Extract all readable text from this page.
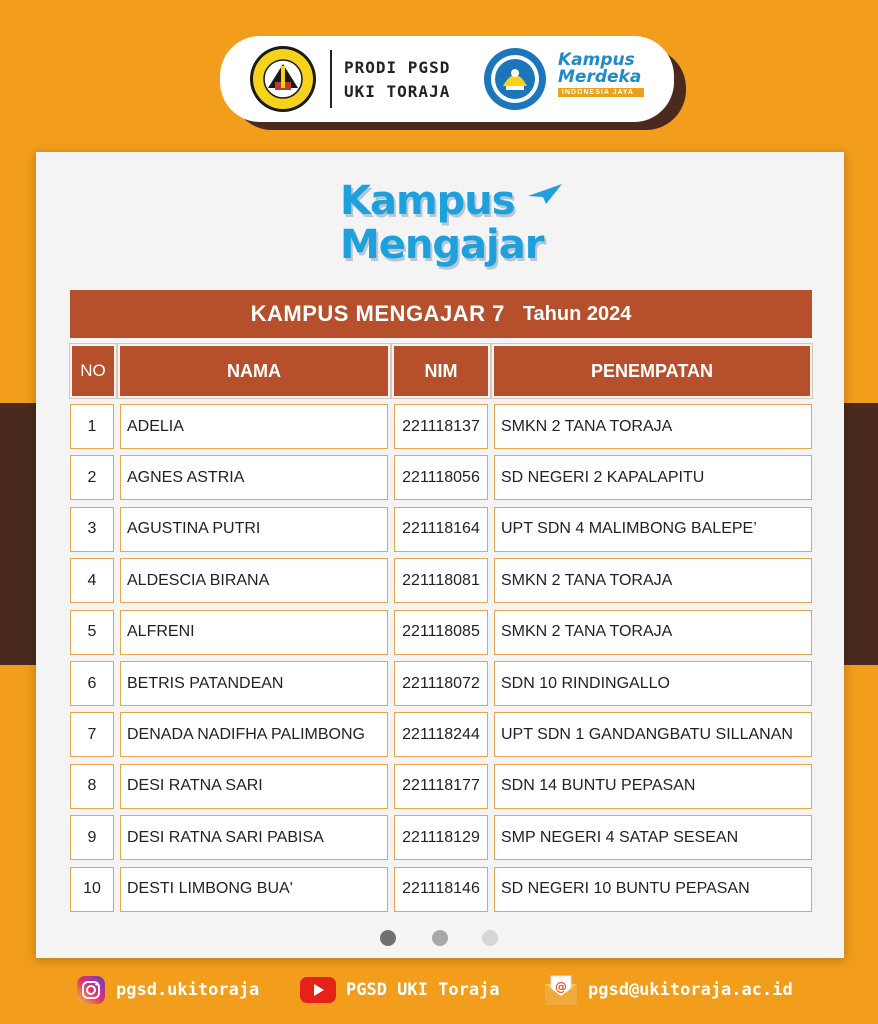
PRODI PGSD
UKI TORAJA
Kampus
Merdeka
INDONESIA JAYA
Kampus
Mengajar
KAMPUS MENGAJAR 7 Tahun 2024
NO	NAMA	NIM	PENEMPATAN
1	ADELIA	221118137	SMKN 2 TANA TORAJA
2	AGNES ASTRIA	221118056	SD NEGERI 2 KAPALAPITU
3	AGUSTINA PUTRI	221118164	UPT SDN 4 MALIMBONG BALEPE’
4	ALDESCIA BIRANA	221118081	SMKN 2 TANA TORAJA
5	ALFRENI	221118085	SMKN 2 TANA TORAJA
6	BETRIS PATANDEAN	221118072	SDN 10 RINDINGALLO
7	DENADA NADIFHA PALIMBONG	221118244	UPT SDN 1 GANDANGBATU SILLANAN
8	DESI RATNA SARI	221118177	SDN 14 BUNTU PEPASAN
9	DESI RATNA SARI PABISA	221118129	SMP NEGERI 4 SATAP SESEAN
10	DESTI LIMBONG BUA'	221118146	SD NEGERI 10 BUNTU PEPASAN
pgsd.ukitoraja	PGSD UKI Toraja	@ pgsd@ukitoraja.ac.id
